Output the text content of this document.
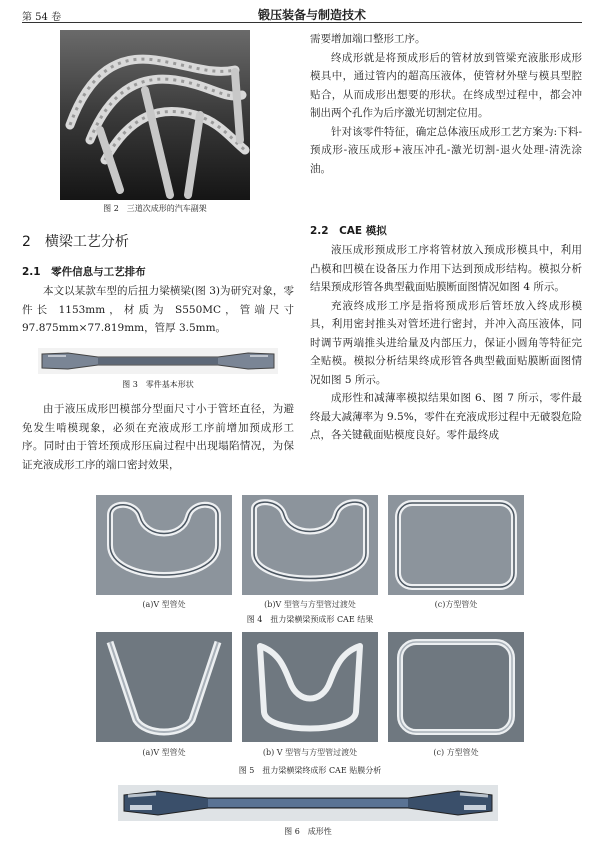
第 54 卷	锻压装备与制造技术
图 2　三道次成形的汽车副架
2　横梁工艺分析
2.1　零件信息与工艺排布

本文以某款车型的后扭力梁横梁(图 3)为研究对象，零件长 1153mm，材质为 S550MC，管端尺寸 97.875mm×77.819mm，管厚 3.5mm。

图 3　零件基本形状

由于液压成形凹模部分型面尺寸小于管坯直径，为避免发生啃模现象，必须在充液成形工序前增加预成形工序。同时由于管坯预成形压扁过程中出现塌陷情况，为保证充液成形工序的端口密封效果，

需要增加端口整形工序。

终成形就是将预成形后的管材放到管梁充液胀形成形模具中，通过管内的超高压液体，使管材外壁与模具型腔贴合，从而成形出想要的形状。在终成型过程中，都会冲制出两个孔作为后序激光切割定位用。

针对该零件特征，确定总体液压成形工艺方案为:下料-预成形-液压成形+液压冲孔-激光切割-退火处理-清洗涂油。

2.2　CAE 模拟

液压成形预成形工序将管材放入预成形模具中，利用凸模和凹模在设备压力作用下达到预成形结构。模拟分析结果预成形管各典型截面贴膜断面图情况如图 4 所示。

充液终成形工序是指将预成形后管坯放入终成形模具，利用密封推头对管坯进行密封，并冲入高压液体，同时调节两端推头进给量及内部压力，保证小圆角等特征完全贴模。模拟分析结果终成形管各典型截面贴膜断面图情况如图 5 所示。

成形性和减薄率模拟结果如图 6、图 7 所示，零件最终最大减薄率为 9.5%，零件在充液成形过程中无破裂危险点，各关键截面贴模度良好。零件最终成

(a)V 型管处	(b)V 型管与方型管过渡处	(c)方型管处
图 4　扭力梁横梁预成形 CAE 结果
(a)V 型管处	(b) V 型管与方型管过渡处	(c) 方型管处
图 5　扭力梁横梁终成形 CAE 贴膜分析
图 6　成形性
